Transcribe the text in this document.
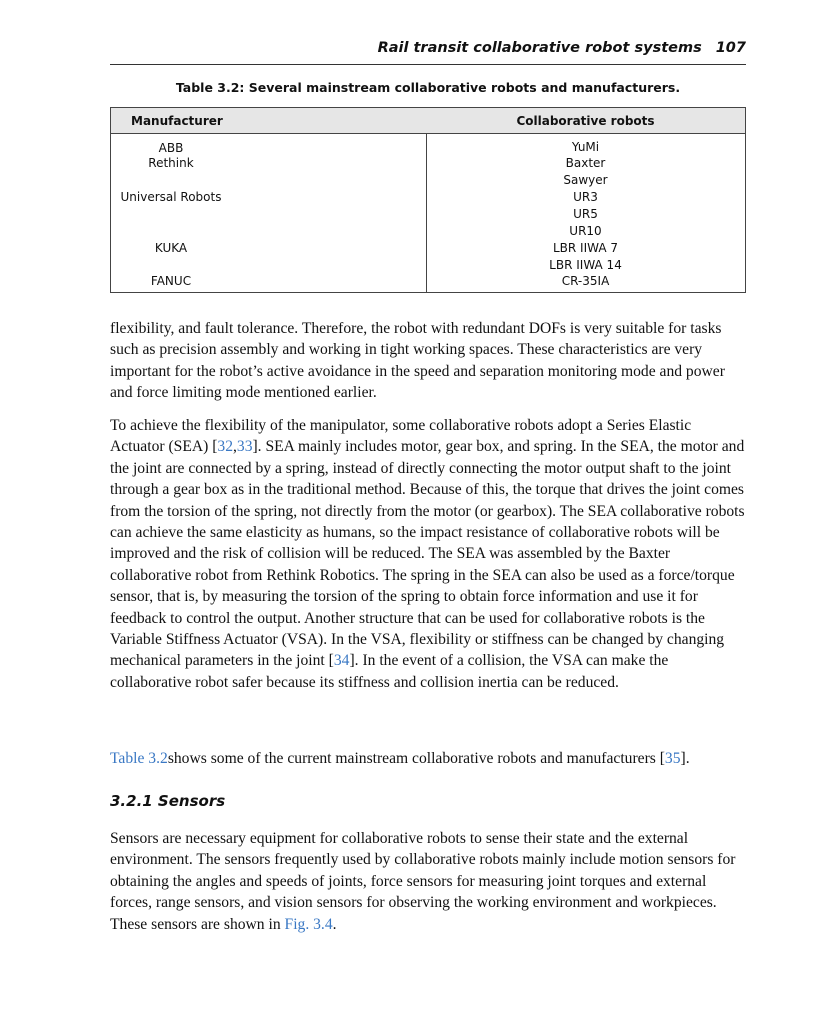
Rail transit collaborative robot systems 107
Table 3.2: Several mainstream collaborative robots and manufacturers.
Manufacturer	Collaborative robots
ABB
Rethink
Universal Robots
KUKA
FANUC
YuMi
Baxter
Sawyer
UR3
UR5
UR10
LBR IIWA 7
LBR IIWA 14
CR-35IA

flexibility, and fault tolerance. Therefore, the robot with redundant DOFs is very suitable for tasks such as precision assembly and working in tight working spaces. These characteristics are very important for the robot’s active avoidance in the speed and separation monitoring mode and power and force limiting mode mentioned earlier.

To achieve the flexibility of the manipulator, some collaborative robots adopt a Series Elastic Actuator (SEA) [32,33]. SEA mainly includes motor, gear box, and spring. In the SEA, the motor and the joint are connected by a spring, instead of directly connecting the motor output shaft to the joint through a gear box as in the traditional method. Because of this, the torque that drives the joint comes from the torsion of the spring, not directly from the motor (or gearbox). The SEA collaborative robots can achieve the same elasticity as humans, so the impact resistance of collaborative robots will be improved and the risk of collision will be reduced. The SEA was assembled by the Baxter collaborative robot from Rethink Robotics. The spring in the SEA can also be used as a force/torque sensor, that is, by measuring the torsion of the spring to obtain force information and use it for feedback to control the output. Another structure that can be used for collaborative robots is the Variable Stiffness Actuator (VSA). In the VSA, flexibility or stiffness can be changed by changing mechanical parameters in the joint [34]. In the event of a collision, the VSA can make the collaborative robot safer because its stiffness and collision inertia can be reduced.

Table 3.2shows some of the current mainstream collaborative robots and manufacturers [35].

3.2.1 Sensors

Sensors are necessary equipment for collaborative robots to sense their state and the external environment. The sensors frequently used by collaborative robots mainly include motion sensors for obtaining the angles and speeds of joints, force sensors for measuring joint torques and external forces, range sensors, and vision sensors for observing the working environment and workpieces. These sensors are shown in Fig. 3.4.
